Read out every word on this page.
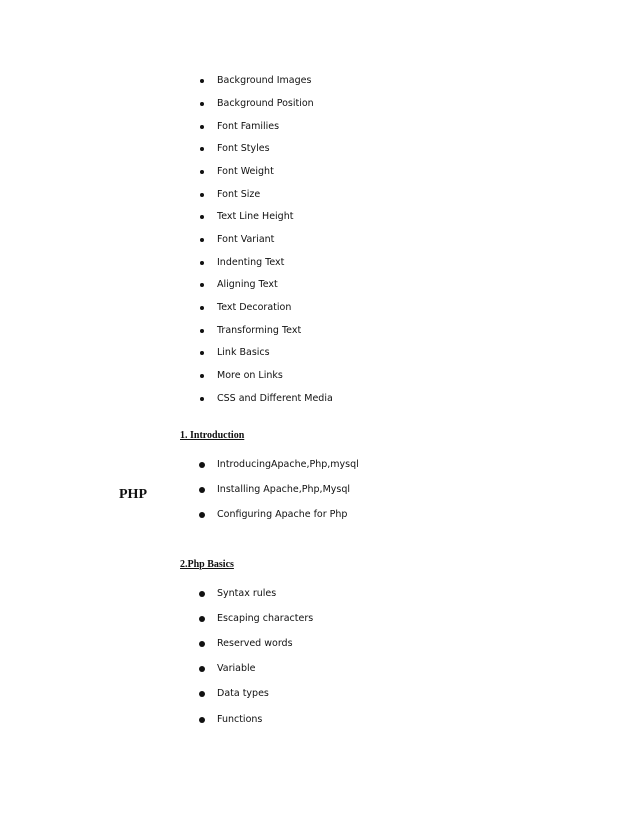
Background Images
Background Position
Font Families
Font Styles
Font Weight
Font Size
Text Line Height
Font Variant
Indenting Text
Aligning Text
Text Decoration
Transforming Text
Link Basics
More on Links
CSS and Different Media
1. Introduction
PHP
IntroducingApache,Php,mysql
Installing Apache,Php,Mysql
Configuring Apache for Php
2.Php Basics
Syntax rules
Escaping characters
Reserved words
Variable
Data types
Functions
